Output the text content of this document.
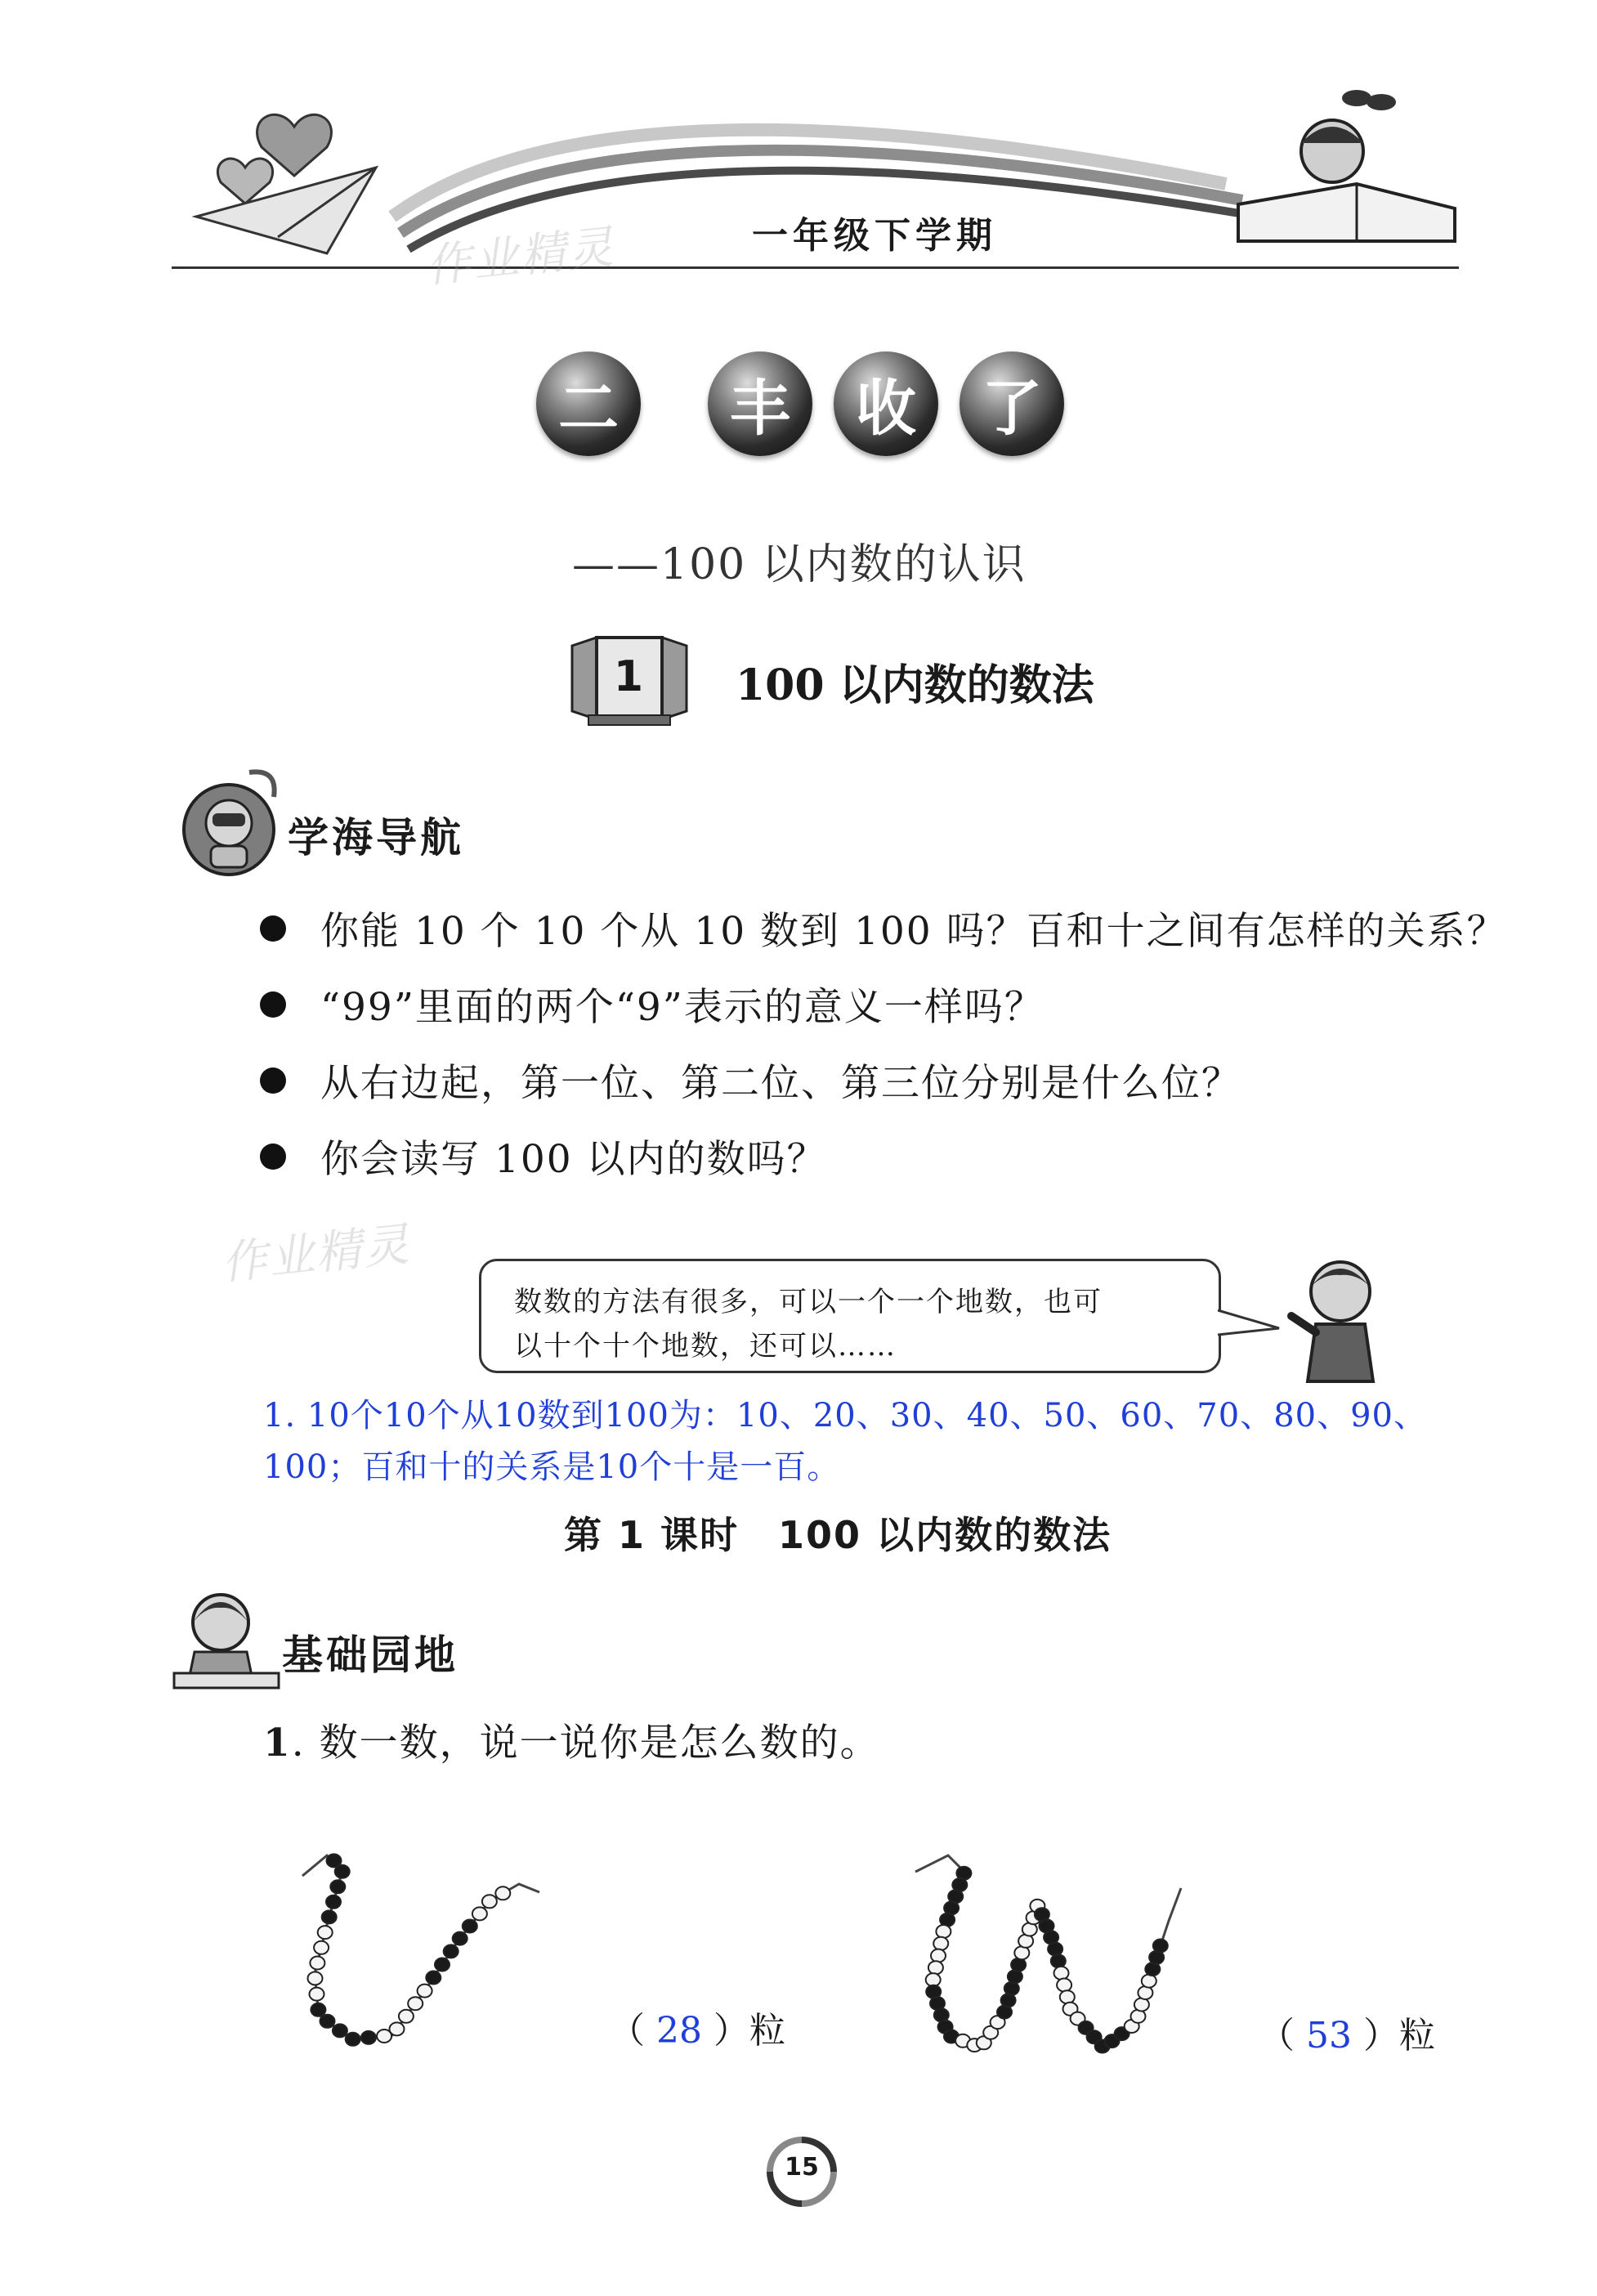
一年级下学期
作业精灵
二	丰	收	了
——100 以内数的认识
1 100 以内数的数法
学海导航
你能 10 个 10 个从 10 数到 100 吗？百和十之间有怎样的关系？
“99”里面的两个“9”表示的意义一样吗？
从右边起，第一位、第二位、第三位分别是什么位？
你会读写 100 以内的数吗？
作业精灵
数数的方法有很多，可以一个一个地数，也可
以十个十个地数，还可以……
1. 10个10个从10数到100为：10、20、30、40、50、60、70、80、90、
100；百和十的关系是10个十是一百。
第 1 课时　100 以内数的数法
基础园地
1. 数一数，说一说你是怎么数的。
（ 28 ）粒	（ 53 ）粒
15
